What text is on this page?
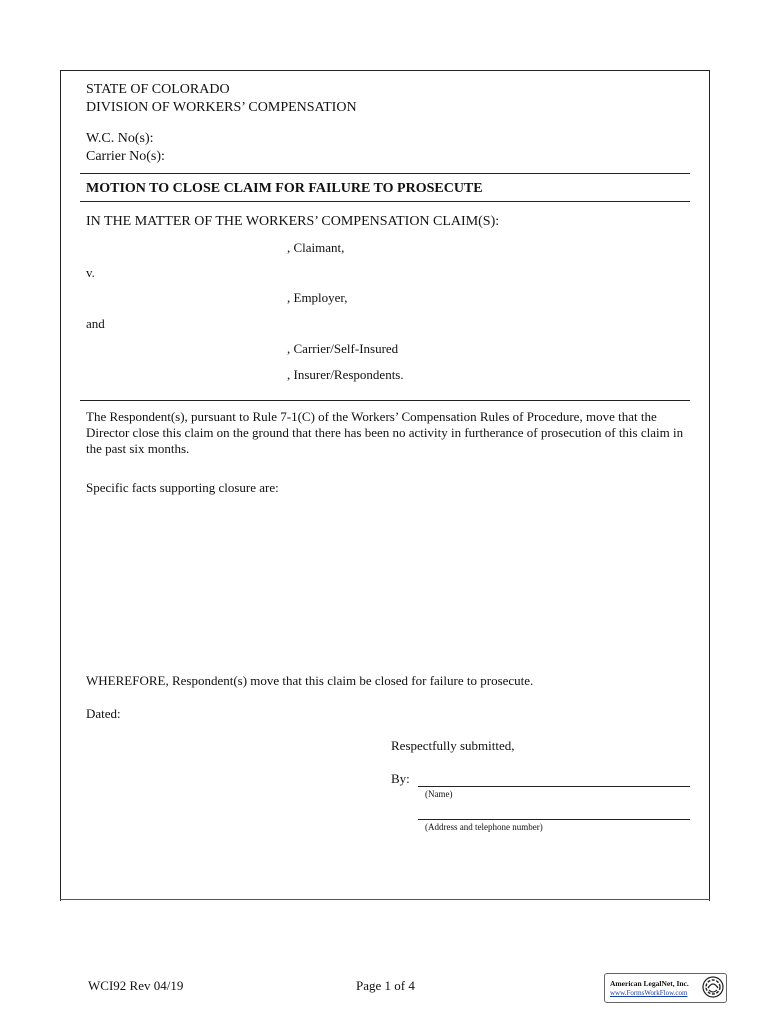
STATE OF COLORADO
DIVISION OF WORKERS’ COMPENSATION
W.C. No(s):
Carrier No(s):
MOTION TO CLOSE CLAIM FOR FAILURE TO PROSECUTE
IN THE MATTER OF THE WORKERS’ COMPENSATION CLAIM(S):
, Claimant,
v.
, Employer,
and
, Carrier/Self-Insured
, Insurer/Respondents.
The Respondent(s), pursuant to Rule 7-1(C) of the Workers’ Compensation Rules of Procedure, move that the Director close this claim on the ground that there has been no activity in furtherance of prosecution of this claim in the past six months.
Specific facts supporting closure are:
WHEREFORE, Respondent(s) move that this claim be closed for failure to prosecute.
Dated:
Respectfully submitted,
By:
(Name)
(Address and telephone number)
WCI92 Rev 04/19	Page 1 of 4	American LegalNet, Inc.
www.FormsWorkFlow.com
